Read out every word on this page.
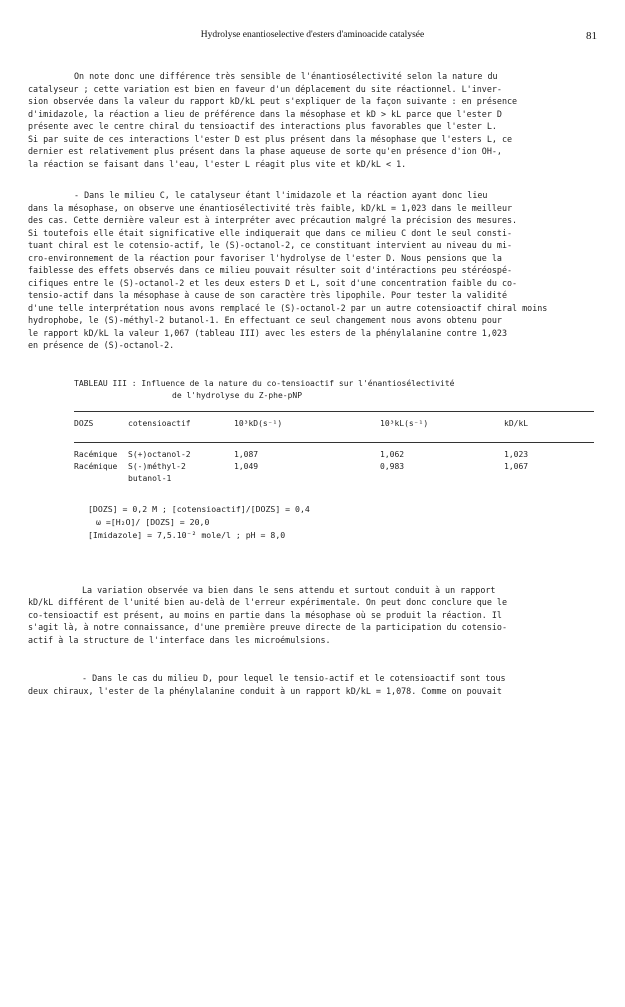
Hydrolyse enantioselective d'esters d'aminoacide catalysée	81
On note donc une différence très sensible de l'énantiosélectivité selon la nature du
catalyseur ; cette variation est bien en faveur d'un déplacement du site réactionnel. L'inver-
sion observée dans la valeur du rapport kD/kL peut s'expliquer de la façon suivante : en présence
d'imidazole, la réaction a lieu de préférence dans la mésophase et kD > kL parce que l'ester D
présente avec le centre chiral du tensioactif des interactions plus favorables que l'ester L.
Si par suite de ces interactions l'ester D est plus présent dans la mésophase que l'esters L, ce
dernier est relativement plus présent dans la phase aqueuse de sorte qu'en présence d'ion OH-,
la réaction se faisant dans l'eau, l'ester L réagit plus vite et kD/kL < 1.
- Dans le milieu C, le catalyseur étant l'imidazole et la réaction ayant donc lieu
dans la mésophase, on observe une énantiosélectivité très faible, kD/kL = 1,023 dans le meilleur
des cas. Cette dernière valeur est à interpréter avec précaution malgré la précision des mesures.
Si toutefois elle était significative elle indiquerait que dans ce milieu C dont le seul consti-
tuant chiral est le cotensio-actif, le (S)-octanol-2, ce constituant intervient au niveau du mi-
cro-environnement de la réaction pour favoriser l'hydrolyse de l'ester D. Nous pensions que la
faiblesse des effets observés dans ce milieu pouvait résulter soit d'intéractions peu stéréospé-
cifiques entre le (S)-octanol-2 et les deux esters D et L, soit d'une concentration faible du co-
tensio-actif dans la mésophase à cause de son caractère très lipophile. Pour tester la validité
d'une telle interprétation nous avons remplacé le (S)-octanol-2 par un autre cotensioactif chiral moins
hydrophobe, le (S)-méthyl-2 butanol-1. En effectuant ce seul changement nous avons obtenu pour
le rapport kD/kL la valeur 1,067 (tableau III) avec les esters de la phénylalanine contre 1,023
en présence de (S)-octanol-2.
TABLEAU III : Influence de la nature du co-tensioactif sur l'énantiosélectivité
de l'hydrolyse du Z-phe-pNP
DOZS	cotensioactif	10³kD(s⁻¹)	10³kL(s⁻¹)	kD/kL
Racémique	S(+)octanol-2	1,087	1,062	1,023
Racémique	S(-)méthyl-2	1,049	0,983	1,067
butanol-1
[DOZS] = 0,2 M ; [cotensioactif]/[DOZS] = 0,4
ω =[H₂O]/ [DOZS] = 20,0
[Imidazole] = 7,5.10⁻² mole/l ; pH = 8,0
La variation observée va bien dans le sens attendu et surtout conduit à un rapport
kD/kL différent de l'unité bien au-delà de l'erreur expérimentale. On peut donc conclure que le
co-tensioactif est présent, au moins en partie dans la mésophase où se produit la réaction. Il
s'agit là, à notre connaissance, d'une première preuve directe de la participation du cotensio-
actif à la structure de l'interface dans les microémulsions.
- Dans le cas du milieu D, pour lequel le tensio-actif et le cotensioactif sont tous
deux chiraux, l'ester de la phénylalanine conduit à un rapport kD/kL = 1,078. Comme on pouvait
